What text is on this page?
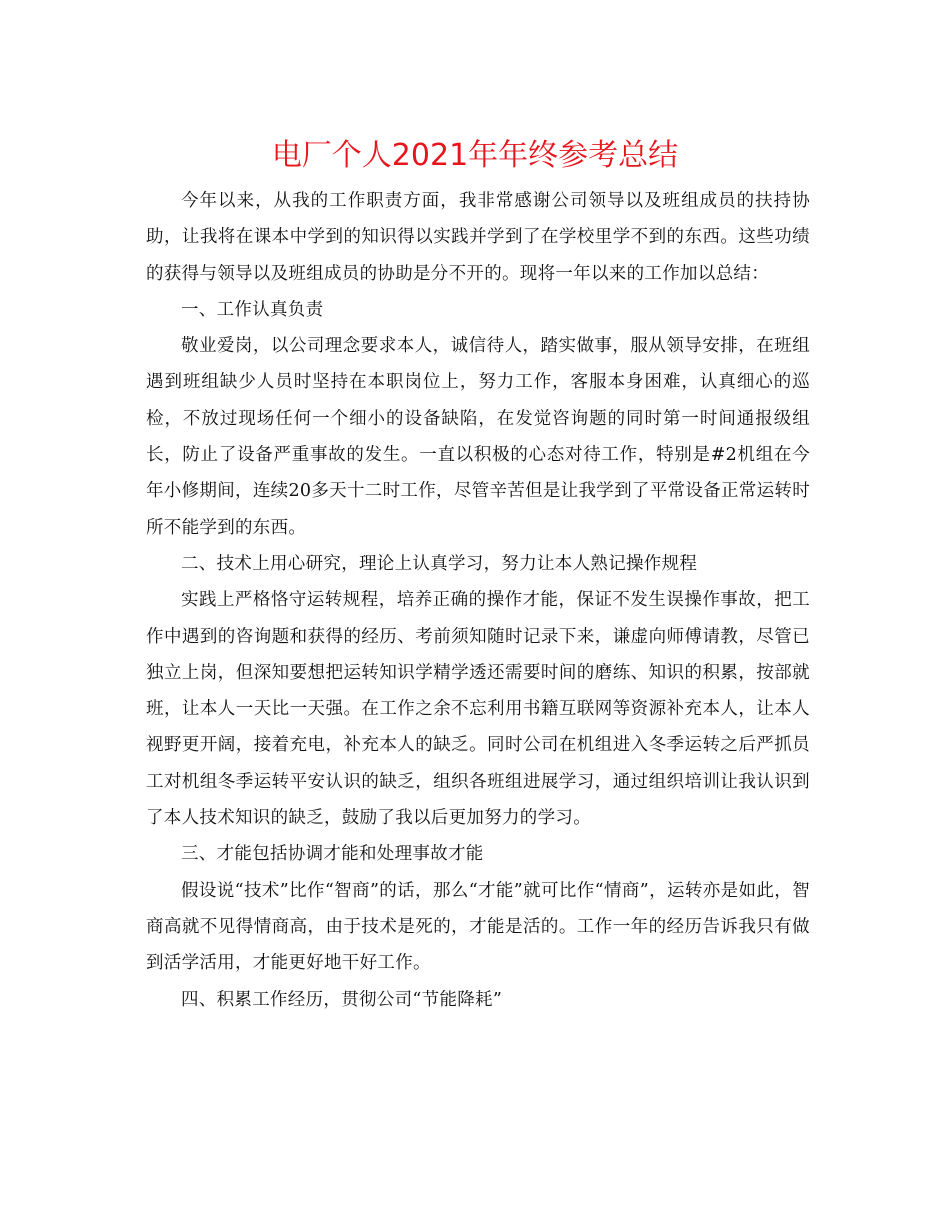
电厂个人2021年年终参考总结

今年以来，从我的工作职责方面，我非常感谢公司领导以及班组成员的扶持协助，让我将在课本中学到的知识得以实践并学到了在学校里学不到的东西。这些功绩的获得与领导以及班组成员的协助是分不开的。现将一年以来的工作加以总结：

一、工作认真负责

敬业爱岗，以公司理念要求本人，诚信待人，踏实做事，服从领导安排，在班组遇到班组缺少人员时坚持在本职岗位上，努力工作，客服本身困难，认真细心的巡检，不放过现场任何一个细小的设备缺陷，在发觉咨询题的同时第一时间通报级组长，防止了设备严重事故的发生。一直以积极的心态对待工作，特别是#2机组在今年小修期间，连续20多天十二时工作，尽管辛苦但是让我学到了平常设备正常运转时所不能学到的东西。

二、技术上用心研究，理论上认真学习，努力让本人熟记操作规程

实践上严格恪守运转规程，培养正确的操作才能，保证不发生误操作事故，把工作中遇到的咨询题和获得的经历、考前须知随时记录下来，谦虚向师傅请教，尽管已独立上岗，但深知要想把运转知识学精学透还需要时间的磨练、知识的积累，按部就班，让本人一天比一天强。在工作之余不忘利用书籍互联网等资源补充本人，让本人视野更开阔，接着充电，补充本人的缺乏。同时公司在机组进入冬季运转之后严抓员工对机组冬季运转平安认识的缺乏，组织各班组进展学习，通过组织培训让我认识到了本人技术知识的缺乏，鼓励了我以后更加努力的学习。

三、才能包括协调才能和处理事故才能

假设说“技术”比作“智商”的话，那么“才能”就可比作“情商”，运转亦是如此，智商高就不见得情商高，由于技术是死的，才能是活的。工作一年的经历告诉我只有做到活学活用，才能更好地干好工作。

四、积累工作经历，贯彻公司“节能降耗”
